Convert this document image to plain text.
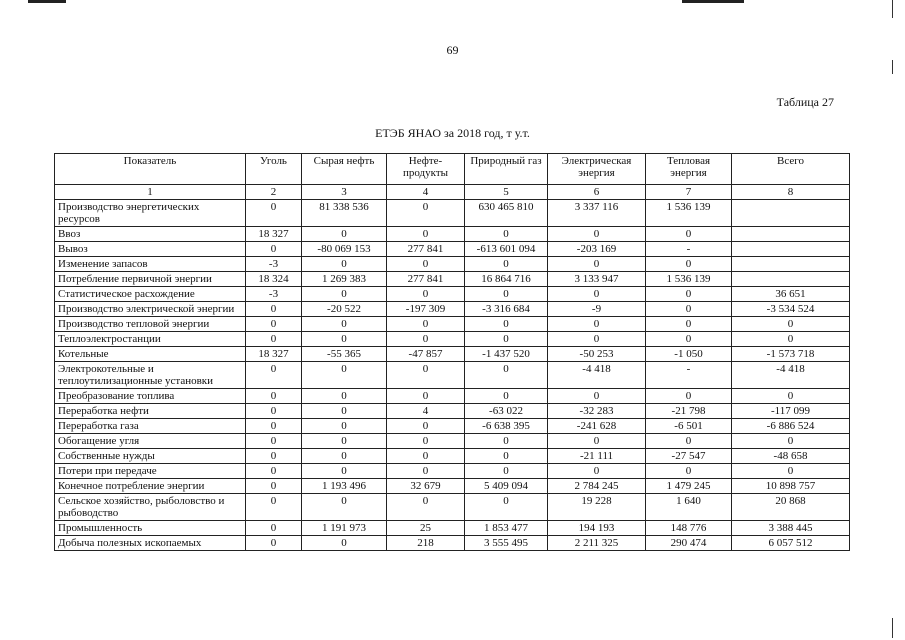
69
Таблица 27
ЕТЭБ ЯНАО за 2018 год, т у.т.
Показатель	Уголь	Сырая нефть	Нефте-продукты	Природный газ	Электрическая энергия	Тепловая энергия	Всего
1	2	3	4	5	6	7	8
Производство энергетических ресурсов	0	81 338 536	0	630 465 810	3 337 116	1 536 139	
Ввоз	18 327	0	0	0	0	0	
Вывоз	0	-80 069 153	277 841	-613 601 094	-203 169	-	
Изменение запасов	-3	0	0	0	0	0	
Потребление первичной энергии	18 324	1 269 383	277 841	16 864 716	3 133 947	1 536 139	
Статистическое расхождение	-3	0	0	0	0	0	36 651
Производство электрической энергии	0	-20 522	-197 309	-3 316 684	-9	0	-3 534 524
Производство тепловой энергии	0	0	0	0	0	0	0
Теплоэлектростанции	0	0	0	0	0	0	0
Котельные	18 327	-55 365	-47 857	-1 437 520	-50 253	-1 050	-1 573 718
Электрокотельные и теплоутилизационные установки	0	0	0	0	-4 418	-	-4 418
Преобразование топлива	0	0	0	0	0	0	0
Переработка нефти	0	0	4	-63 022	-32 283	-21 798	-117 099
Переработка газа	0	0	0	-6 638 395	-241 628	-6 501	-6 886 524
Обогащение угля	0	0	0	0	0	0	0
Собственные нужды	0	0	0	0	-21 111	-27 547	-48 658
Потери при передаче	0	0	0	0	0	0	0
Конечное потребление энергии	0	1 193 496	32 679	5 409 094	2 784 245	1 479 245	10 898 757
Сельское хозяйство, рыболовство и рыбоводство	0	0	0	0	19 228	1 640	20 868
Промышленность	0	1 191 973	25	1 853 477	194 193	148 776	3 388 445
Добыча полезных ископаемых	0	0	218	3 555 495	2 211 325	290 474	6 057 512
